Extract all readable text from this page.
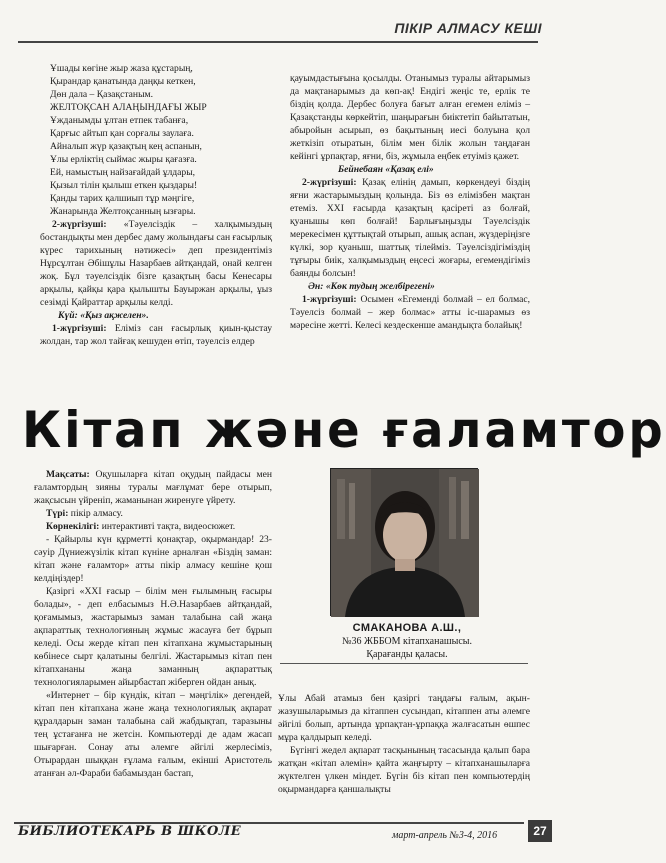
ПІКІР АЛМАСУ КЕШІ

Ұшады көгіне жыр жаза құстарың,

Қырандар қанатында даңқы кеткен,

Дөн дала – Қазақстаным.

ЖЕЛТОҚСАН АЛАҢЫНДАҒЫ ЖЫР

Ұжданымды ұлтан етпек табанға,

Қарғыс айтып қан сорғалы заулаға.

Айналып жүр қазақтың кең аспанын,

Ұлы ерліктің сыймас жыры қағазға.

Ей, намыстың найзағайдай ұлдары,

Қызыл тілін қылыш еткен қыздары!

Қанды тарих қалшиып тұр мәңгіге,

Жанарында Желтоқсанның ызғары.

2-жүргізуші: «Тәуелсіздік – халқымыздың бостандықты мен дербес даму жолындағы сан ғасырлық күрес тарихының нәтижесі» деп президентіміз Нұрсұлтан Әбішұлы Назарбаев айтқандай, онай келген жоқ. Бұл тәуелсіздік бізге қазақтың басы Кенесары арқылы, қайқы қара қылышты Бауыржан арқылы, ұыз сезімді Қайраттар арқылы келді.

Күй: «Қыз ақжелен».

1-жүргізуші: Еліміз сан ғасырлық қиын-қыстау жолдан, тар жол тайғақ кешуден өтіп, тәуелсіз елдер

қауымдастығына қосылды. Отанымыз туралы айтарымыз да мақтанарымыз да көп-ақ! Ендігі жеңіс те, ерлік те біздің қолда. Дербес болуға бағыт алған егемен еліміз – Қазақстанды көркейтіп, шаңырағын биіктетіп байытатын, абыройын асырып, өз бақытының иесі болуына қол жеткізіп отыратын, білім мен білік жолын таңдаған кейінгі ұрпақтар, яғни, біз, жұмыла еңбек етуіміз қажет.

Бейнебаян «Қазақ елі»

2-жүргізуші: Қазақ елінің дамып, көркендеуі біздің яғни жастарымыздың қолында. Біз өз елімізбен мақтан етеміз. XXI ғасырда қазақтың қасіреті аз болғай, қуанышы көп болғай! Барлығыңызды Тәуелсіздік мерекесімен құттықтай отырып, ашық аспан, жүздеріңізге күлкі, зор қуаныш, шаттық тілейміз. Тәуелсіздігіміздің тұғыры биік, халқымыздың еңсесі жоғары, егемендігіміз баянды болсын!

Ән: «Көк тудың желбірегені»

1-жүргізуші: Осымен «Егемендi болмай – ел болмас, Тәуелсіз болмай – жер болмас» атты іс-шарамыз өз мәресіне жетті. Келесі кездескенше амандықта болайық!

Кітап және ғаламтор

Мақсаты: Оқушыларға кітап оқудың пайдасы мен ғаламтордың зияны туралы мағлұмат бере отырып, жақсысын үйреніп, жаманынан жиренуге үйрету.

Түрі: пікір алмасу.

Көрнекілігі: интерактивті тақта, видеосюжет.

- Қайырлы күн құрметті қонақтар, оқырмандар! 23-сәуір Дүниежүзілік кітап күніне арналған «Біздің заман: кітап және ғаламтор» атты пікір алмасу кешіне қош келдіңіздер!

Қазіргі «XXI ғасыр – білім мен ғылымның ғасыры болады», - деп елбасымыз Н.Ә.Назарбаев айтқандай, қоғамымыз, жастарымыз заман талабына сай жаңа ақпараттық технологияның жұмыс жасауға бет бұрып келеді. Осы жерде кітап пен кітапхана жұмыстарының көбінесе сырт қалатыны белгілі. Жастарымыз кітап пен кітапхананы жаңа заманның ақпараттық технологияларымен айырбастап жіберген ойдан анық.

«Интернет – бір күндік, кітап – мәңгілік» дегендей, кітап пен кітапхана және жаңа технологиялық ақпарат құралдарын заман талабына сай жабдықтап, таразыны тең ұстағанға не жетсін. Компьютерді де адам жасап шығарған. Сонау аты әлемге әйгілі жерлесіміз, Отырардан шыққан ғұлама ғалым, екінші Аристотель атанған әл-Фараби бабамыздан бастап,

СМАКАНОВА А.Ш.,
№36 ЖББОМ кітапханашысы.
Қарағанды қаласы.

Ұлы Абай атамыз бен қазіргі таңдағы ғалым, ақын-жазушыларымыз да кітаппен сусындап, кітаппен аты әлемге әйгілі болып, артында ұрпақтан-ұрпаққа жалғасатын өшпес мұра қалдырып келеді.

Бүгінгі жедел ақпарат тасқынының тасасында қалып бара жатқан «кітап әлемін» қайта жаңғырту – кітапханашыларға жүктелген үлкен міндет. Бүгін біз кітап пен компьютердің оқырмандарға қаншалықты

БИБЛИОТЕКАРЬ В ШКОЛЕ	март-апрель №3-4, 2016	27
